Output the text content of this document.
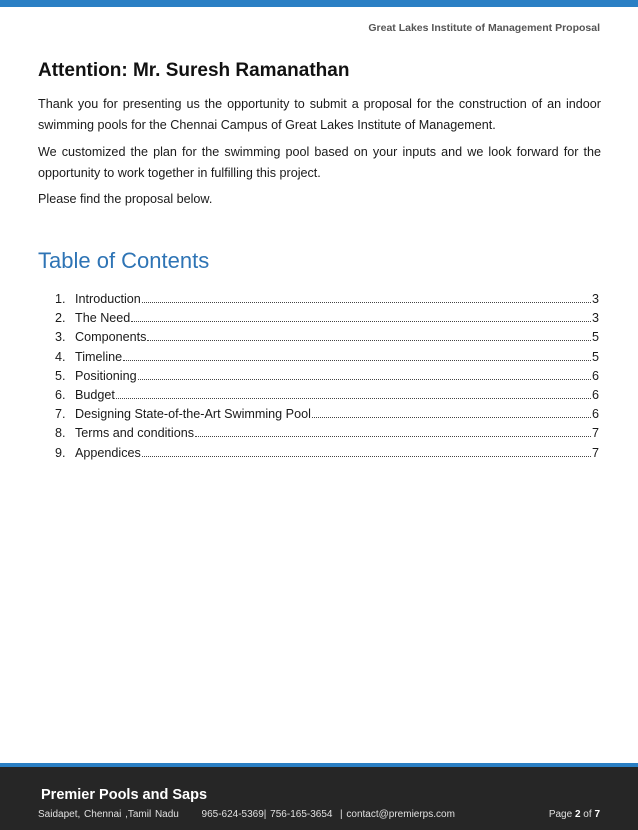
Great Lakes Institute of Management Proposal
Attention: Mr. Suresh Ramanathan
Thank you for presenting us the opportunity to submit a proposal for the construction of an indoor swimming pools for the Chennai Campus of Great Lakes Institute of Management.
We customized the plan for the swimming pool based on your inputs and we look forward for the opportunity to work together in fulfilling this project.
Please find the proposal below.
Table of Contents
1. Introduction	3
2. The Need	3
3. Components	5
4. Timeline	5
5. Positioning	6
6. Budget	6
7. Designing State-of-the-Art Swimming Pool	6
8. Terms and conditions	7
9. Appendices	7
Premier Pools and Saps
Saidapet, Chennai ,Tamil Nadu      965-624-5369| 756-165-3654  | contact@premierps.com	Page 2 of 7
